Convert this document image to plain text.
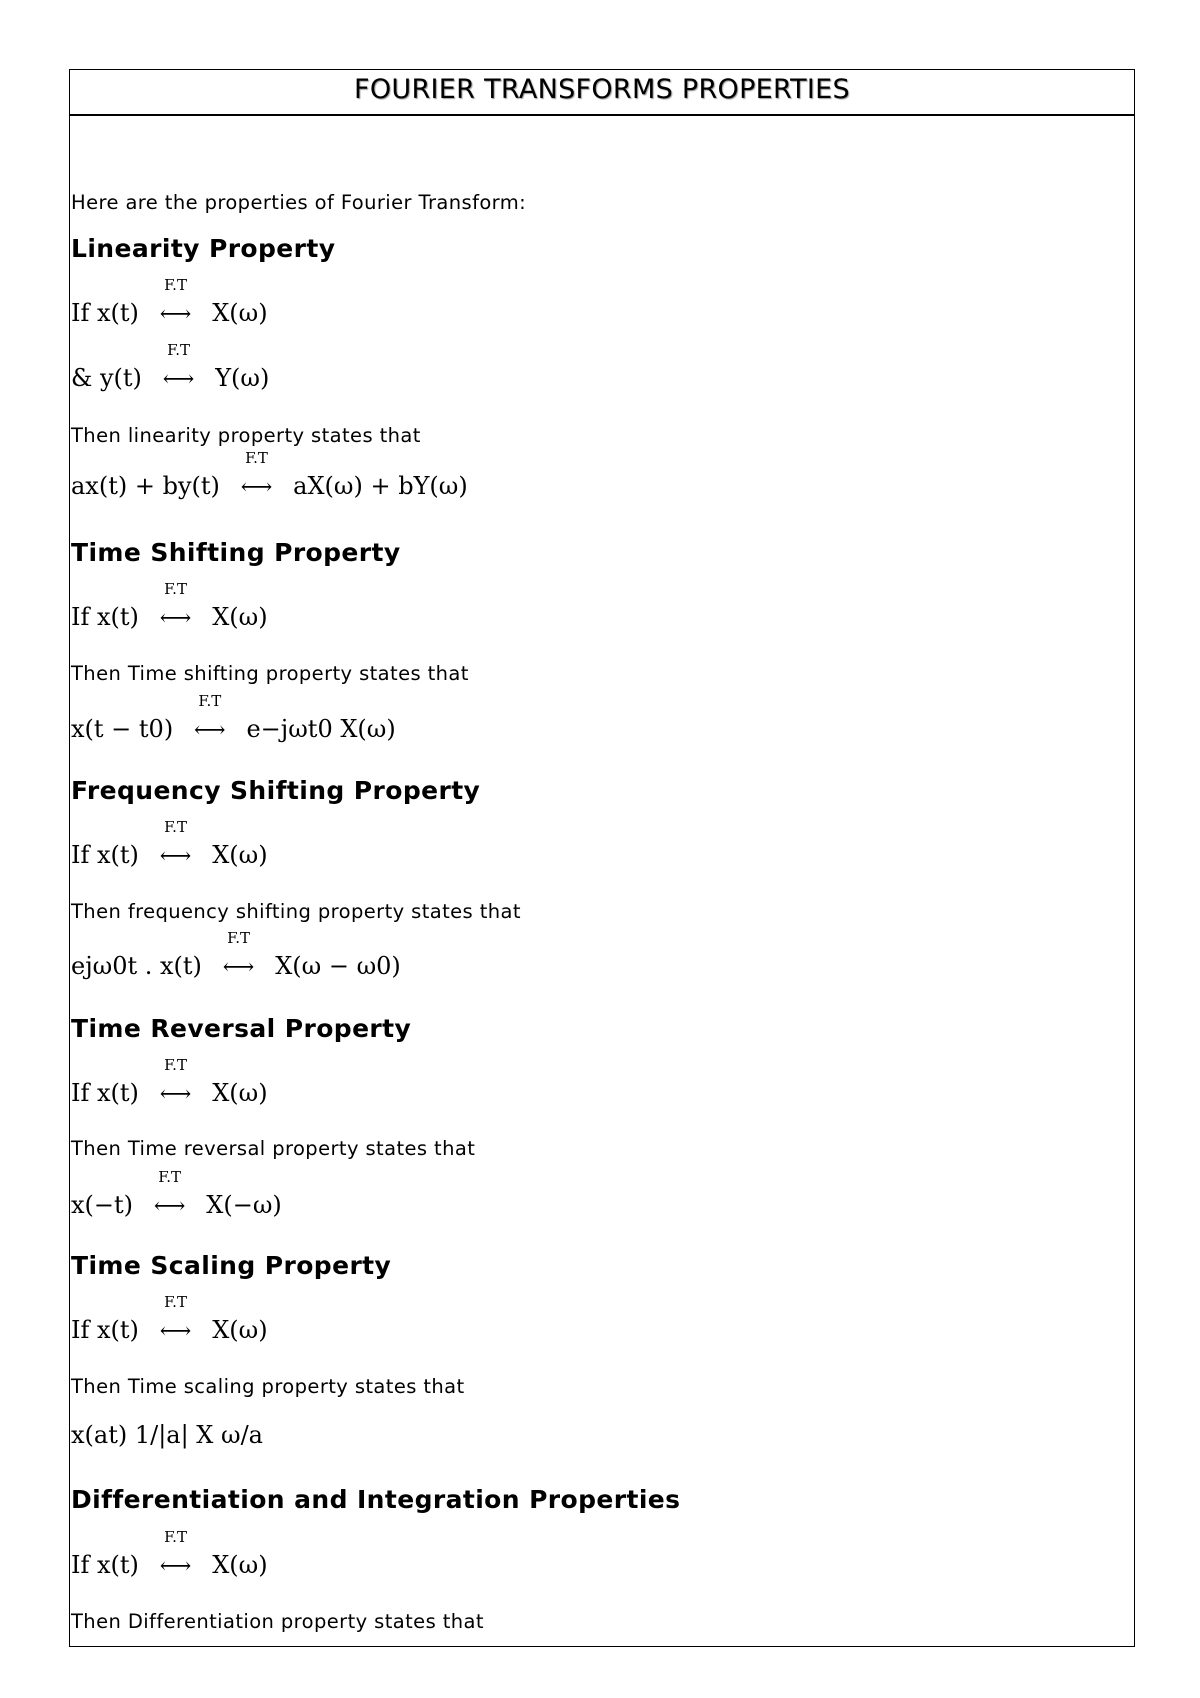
FOURIER TRANSFORMS PROPERTIES
Here are the properties of Fourier Transform:
Linearity Property
If x(t)
F.T
⟷ X(ω)
& y(t)
F.T
⟷ Y(ω)
Then linearity property states that
ax(t) + by(t)
F.T
⟷ aX(ω) + bY(ω)
Time Shifting Property
If x(t)
F.T
⟷ X(ω)
Then Time shifting property states that
x(t − t0)
F.T
⟷ e−jωt0 X(ω)
Frequency Shifting Property
If x(t)
F.T
⟷ X(ω)
Then frequency shifting property states that
ejω0t . x(t)
F.T
⟷ X(ω − ω0)
Time Reversal Property
If x(t)
F.T
⟷ X(ω)
Then Time reversal property states that
x(−t)
F.T
⟷ X(−ω)
Time Scaling Property
If x(t)
F.T
⟷ X(ω)
Then Time scaling property states that
x(at) 1/|a| X ω/a
Differentiation and Integration Properties
If x(t)
F.T
⟷ X(ω)
Then Differentiation property states that
